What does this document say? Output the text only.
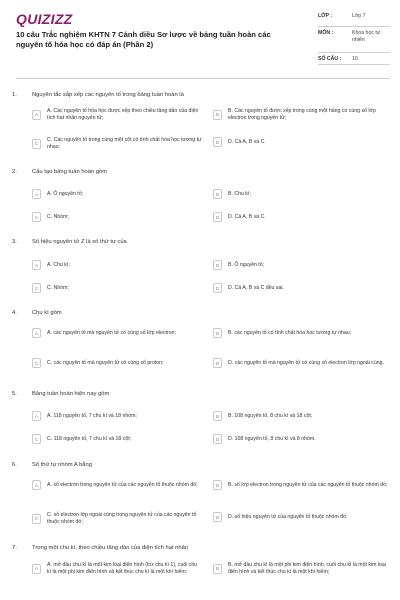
QUIZIZZ
10 câu Trắc nghiệm KHTN 7 Cánh diều Sơ lược về bảng tuần hoàn các nguyên tố hóa học có đáp án (Phần 2)
LỚP :	Lớp 7
MÔN :	Khoa học tự nhiên
SỐ CÂU :	10
1.	Nguyên tắc sắp xếp các nguyên tố trong bảng tuần hoàn là
A
A. Các nguyên tố hóa học được xếp theo chiều tăng dần của điện tích hạt nhân nguyên tử;	B
B. Các nguyên tố được xếp trong cùng một hàng có cùng số lớp electron trong nguyên tử;
C
C. Các nguyên tố trong cùng một cột có tính chất hóa học tương tự nhau;
D	D. Cả A, B và C.
2.	Cấu tạo bảng tuần hoàn gồm
A	A. Ô nguyên tố;	B	B. Chu kì;
C	C. Nhóm;	D	D. Cả A, B và C.
3.	Số hiệu nguyên tử Z là số thứ tự của
A	A. Chu kì;	B	B. Ô nguyên tố;
C	C. Nhóm;	D	D. Cả A, B và C đều sai.
4.	Chu kì gồm
A	A. các nguyên tố mà nguyên tử có cùng số lớp electron;	B	B. các nguyên tố có tính chất hóa học tương tự nhau;
C	C. các nguyên tố mà nguyên tử có cùng số proton;	D	D. các nguyên tố mà nguyên tử có cùng số electron lớp ngoài cùng.
5.	Bảng tuần hoàn hiện nay gồm
A	A. 118 nguyên tố, 7 chu kì và 18 nhóm;	B	B. 108 nguyên tố, 8 chu kì và 18 cột;
C	C. 118 nguyên tố, 7 chu kì và 18 cột;	D	D. 108 nguyên tố, 8 chu kì và 8 nhóm.
6.	Số thứ tự nhóm A bằng
A	A. số electron trong nguyên tử của các nguyên tố thuộc nhóm đó;	B	B. số lớp electron trong nguyên tử của các nguyên tố thuộc nhóm đó;
C
C. số electron lớp ngoài cùng trong nguyên tử của các nguyên tố thuộc nhóm đó;
D	D. số hiệu nguyên tử của nguyên tố thuộc nhóm đó.
7.	Trong một chu kì, theo chiều tăng dần của điện tích hạt nhân
A
A. mở đầu chu kì là một kim loại điển hình (trừ chu kì 1), cuối chu kì là một phi kim điển hình và kết thúc chu kì là một khí hiếm;	B
B. mở đầu chu kì là một phi kim điển hình, cuối chu kì là một kim loại điển hình và kết thúc chu kì là một khí hiếm;
